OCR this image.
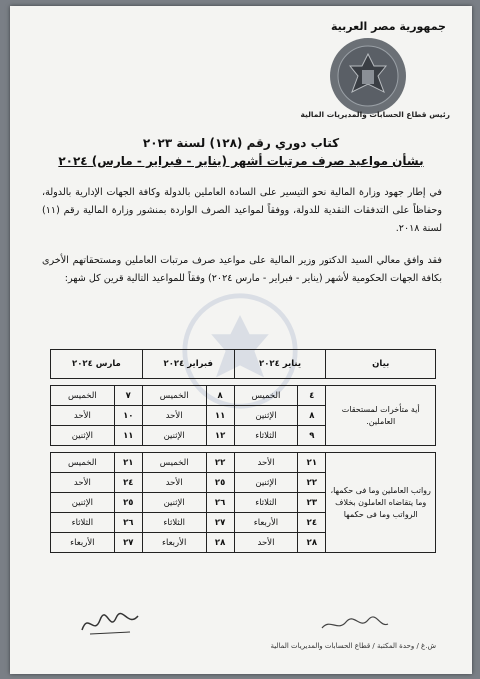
جمهورية مصر العربية
رئيس قطاع الحسابات والمديريات المالية
كتاب دوري رقم (١٢٨) لسنة ٢٠٢٣
بشأن مواعيد صرف مرتبات أشهر (يناير - فبراير - مارس) ٢٠٢٤
في إطار جهود وزارة المالية نحو التيسير على السادة العاملين بالدولة وكافة الجهات الإدارية بالدولة، وحفاظاً على التدفقات النقدية للدولة، ووفقاً لمواعيد الصرف الواردة بمنشور وزارة المالية رقم (١١) لسنة ٢٠١٨.
فقد وافق معالي السيد الدكتور وزير المالية على مواعيد صرف مرتبات العاملين ومستحقاتهم الأخرى بكافة الجهات الحكومية لأشهر (يناير - فبراير - مارس ٢٠٢٤) وفقاً للمواعيد التالية قرين كل شهر:
بيان	يناير ٢٠٢٤		فبراير ٢٠٢٤		مارس ٢٠٢٤	

أية متأخرات لمستحقات العاملين.	٤	الخميس	٨	الخميس	٧	الخميس
	٨	الإثنين	١١	الأحد	١٠	الأحد
	٩	الثلاثاء	١٢	الإثنين	١١	الإثنين

رواتب العاملين وما فى حكمها، وما يتقاضاه العاملون بخلاف الرواتب وما فى حكمها	٢١	الأحد	٢٢	الخميس	٢١	الخميس
	٢٢	الإثنين	٢٥	الأحد	٢٤	الأحد
	٢٣	الثلاثاء	٢٦	الإثنين	٢٥	الإثنين
	٢٤	الأربعاء	٢٧	الثلاثاء	٢٦	الثلاثاء
	٢٨	الأحد	٢٨	الأربعاء	٢٧	الأربعاء
ش.غ / وحدة المكتبة / قطاع الحسابات والمديريات المالية
